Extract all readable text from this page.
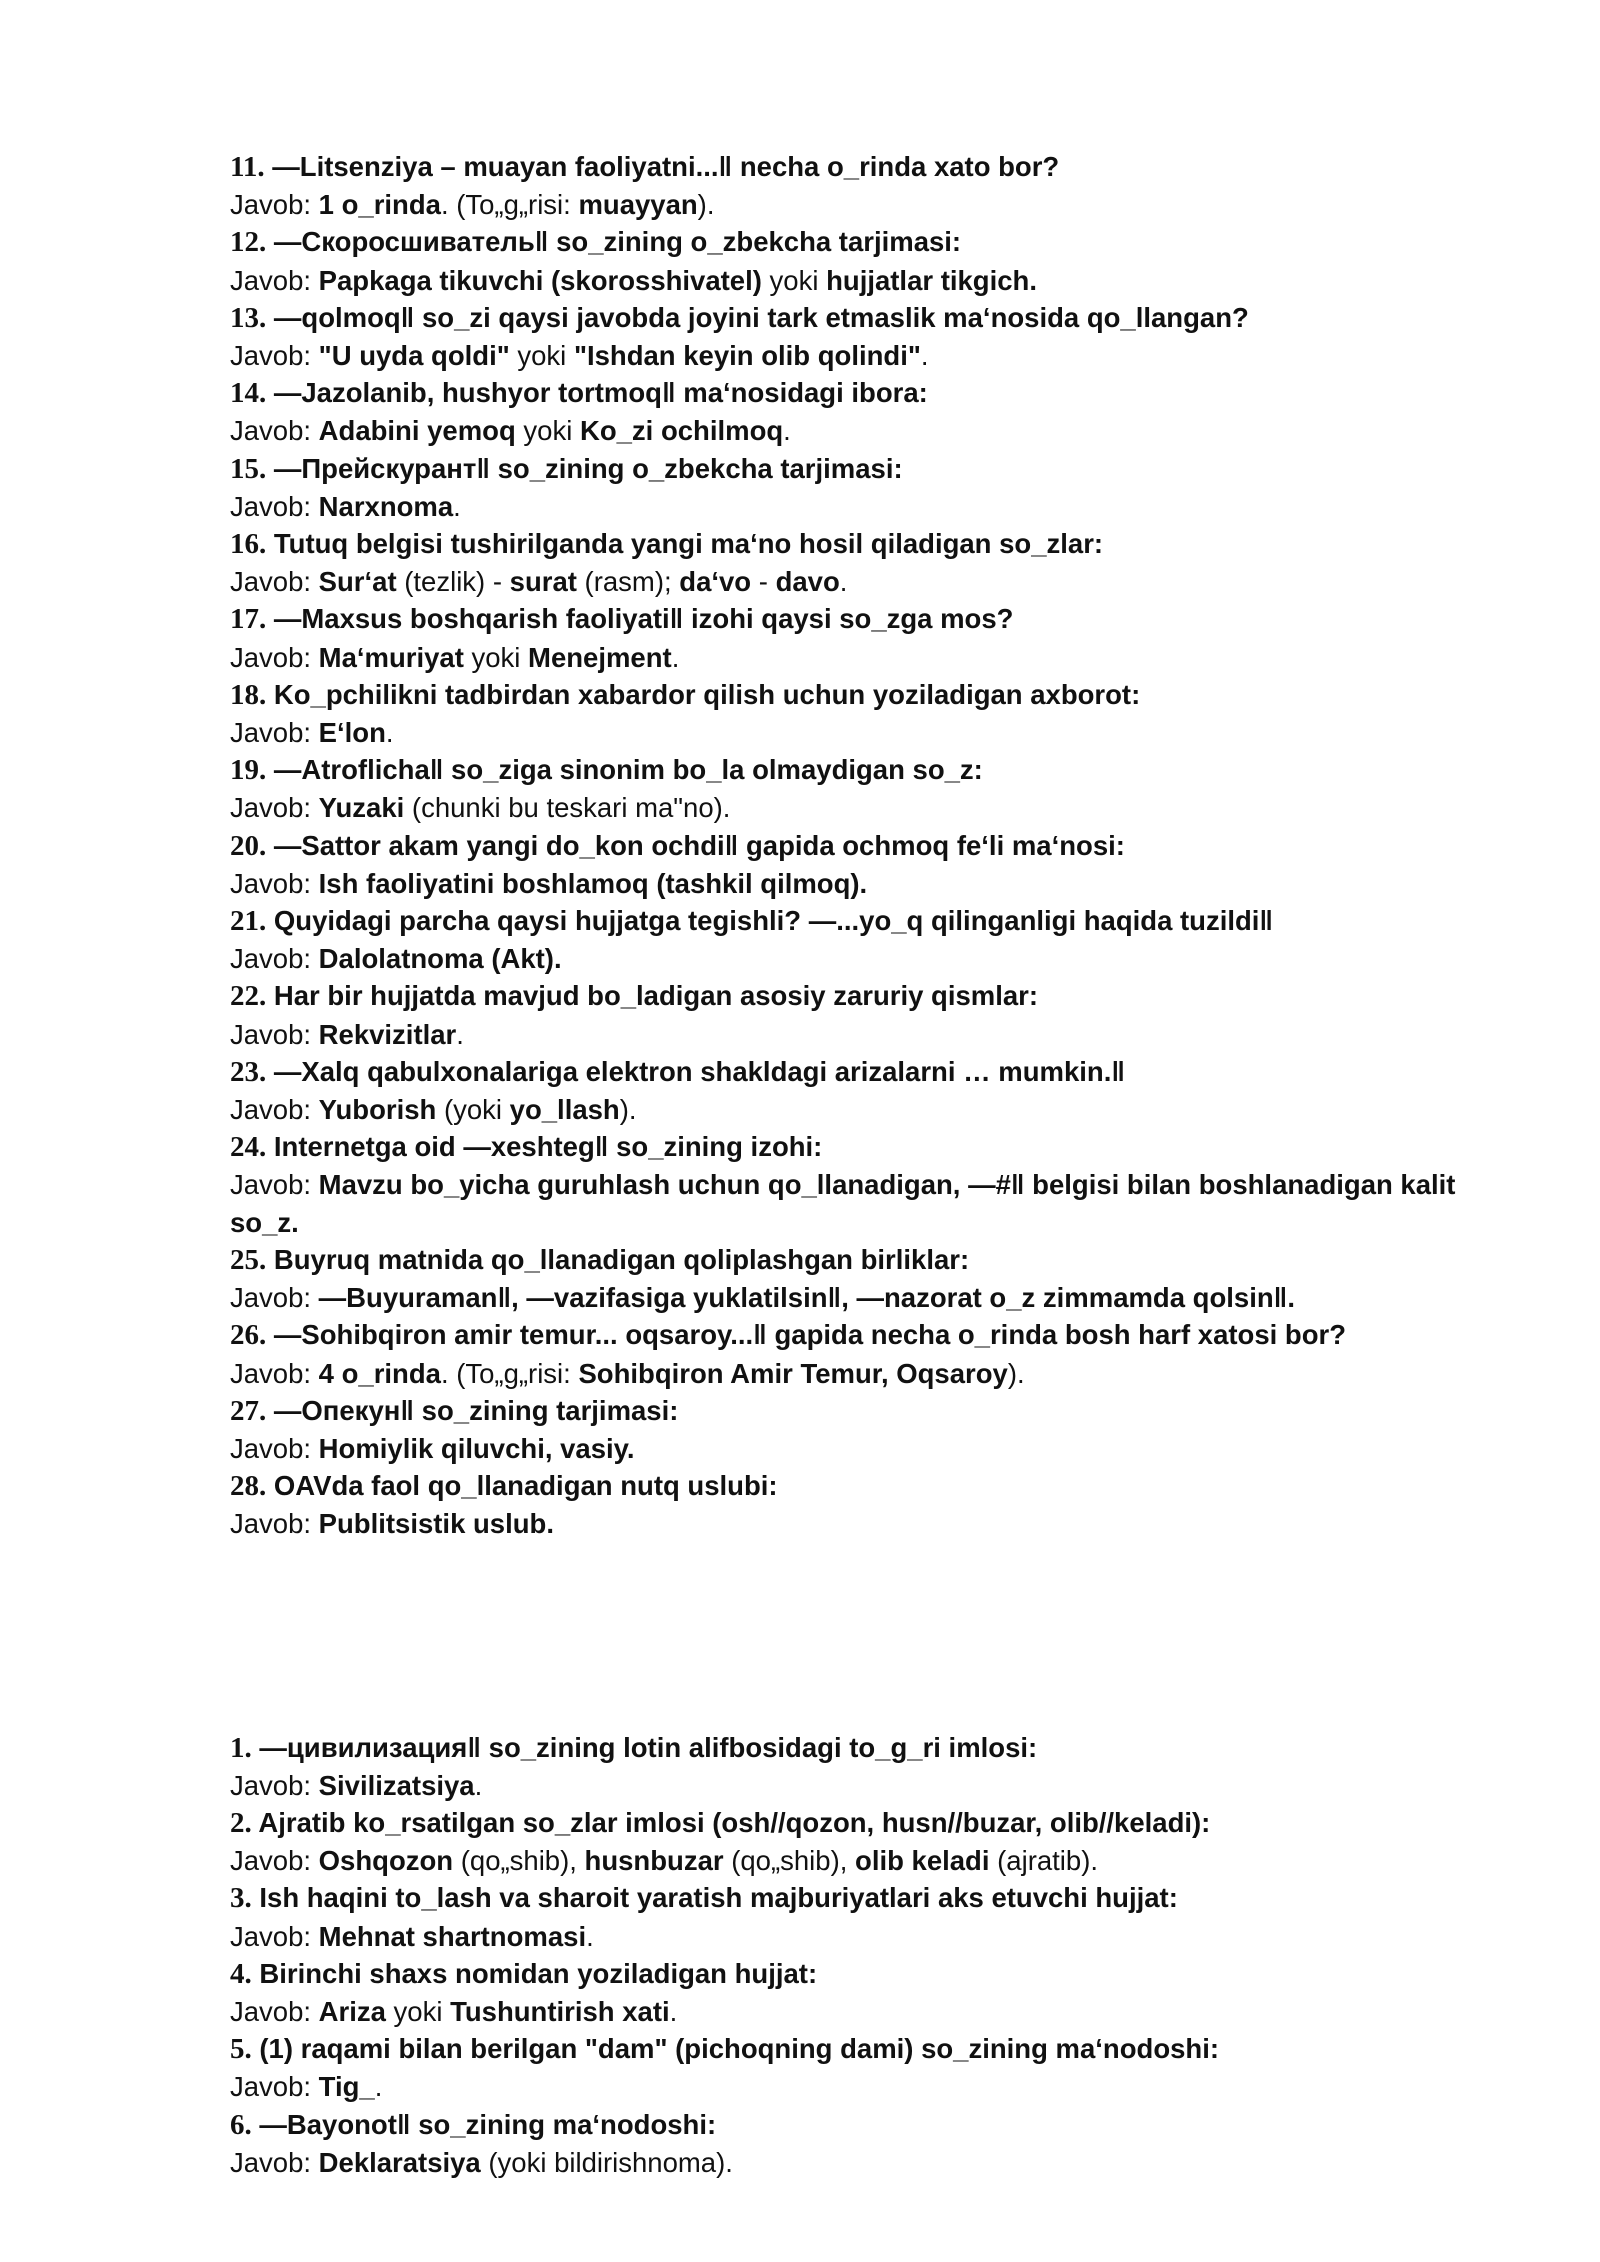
11. —Litsenziya – muayan faoliyatni...‖ necha o_rinda xato bor?
Javob: 1 o_rinda. (To„g„risi: muayyan).
12. —Скоросшиватель‖ so_zining o_zbekcha tarjimasi:
Javob: Papkaga tikuvchi (skorosshivatel) yoki hujjatlar tikgich.
13. —qolmoq‖ so_zi qaysi javobda joyini tark etmaslik ma‘nosida qo_llangan?
Javob: "U uyda qoldi" yoki "Ishdan keyin olib qolindi".
14. —Jazolanib, hushyor tortmoq‖ ma‘nosidagi ibora:
Javob: Adabini yemoq yoki Ko_zi ochilmoq.
15. —Прейскурант‖ so_zining o_zbekcha tarjimasi:
Javob: Narxnoma.
16. Tutuq belgisi tushirilganda yangi ma‘no hosil qiladigan so_zlar:
Javob: Sur‘at (tezlik) - surat (rasm); da‘vo - davo.
17. —Maxsus boshqarish faoliyati‖ izohi qaysi so_zga mos?
Javob: Ma‘muriyat yoki Menejment.
18. Ko_pchilikni tadbirdan xabardor qilish uchun yoziladigan axborot:
Javob: E‘lon.
19. —Atroflicha‖ so_ziga sinonim bo_la olmaydigan so_z:
Javob: Yuzaki (chunki bu teskari ma"no).
20. —Sattor akam yangi do_kon ochdi‖ gapida ochmoq fe‘li ma‘nosi:
Javob: Ish faoliyatini boshlamoq (tashkil qilmoq).
21. Quyidagi parcha qaysi hujjatga tegishli? —...yo_q qilinganligi haqida tuzildi‖
Javob: Dalolatnoma (Akt).
22. Har bir hujjatda mavjud bo_ladigan asosiy zaruriy qismlar:
Javob: Rekvizitlar.
23. —Xalq qabulxonalariga elektron shakldagi arizalarni … mumkin.‖
Javob: Yuborish (yoki yo_llash).
24. Internetga oid —xeshteg‖ so_zining izohi:
Javob: Mavzu bo_yicha guruhlash uchun qo_llanadigan, —#‖ belgisi bilan boshlanadigan kalit so_z.
25. Buyruq matnida qo_llanadigan qoliplashgan birliklar:
Javob: —Buyuraman‖, —vazifasiga yuklatilsin‖, —nazorat o_z zimmamda qolsin‖.
26. —Sohibqiron amir temur... oqsaroy...‖ gapida necha o_rinda bosh harf xatosi bor?
Javob: 4 o_rinda. (To„g„risi: Sohibqiron Amir Temur, Oqsaroy).
27. —Опекун‖ so_zining tarjimasi:
Javob: Homiylik qiluvchi, vasiy.
28. OAVda faol qo_llanadigan nutq uslubi:
Javob: Publitsistik uslub.
1. —цивилизация‖ so_zining lotin alifbosidagi to_g_ri imlosi:
Javob: Sivilizatsiya.
2. Ajratib ko_rsatilgan so_zlar imlosi (osh//qozon, husn//buzar, olib//keladi):
Javob: Oshqozon (qo„shib), husnbuzar (qo„shib), olib keladi (ajratib).
3. Ish haqini to_lash va sharoit yaratish majburiyatlari aks etuvchi hujjat:
Javob: Mehnat shartnomasi.
4. Birinchi shaxs nomidan yoziladigan hujjat:
Javob: Ariza yoki Tushuntirish xati.
5. (1) raqami bilan berilgan "dam" (pichoqning dami) so_zining ma‘nodoshi:
Javob: Tig_.
6. —Bayonot‖ so_zining ma‘nodoshi:
Javob: Deklaratsiya (yoki bildirishnoma).
